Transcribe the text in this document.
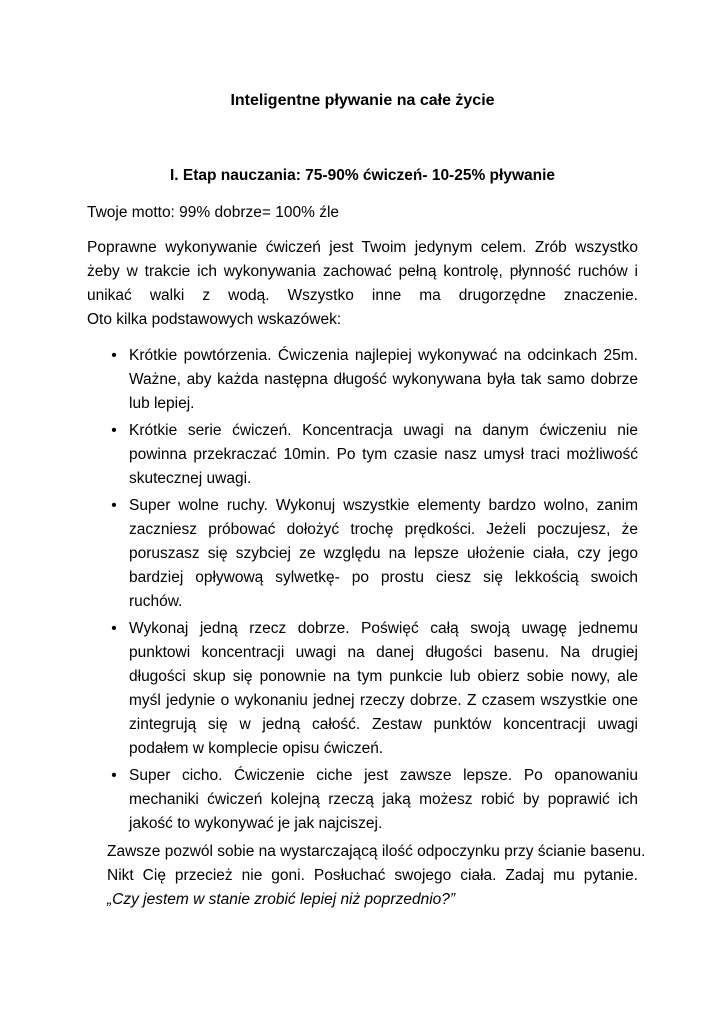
Inteligentne pływanie na całe życie
I. Etap nauczania: 75-90% ćwiczeń- 10-25% pływanie
Twoje motto: 99% dobrze= 100% źle
Poprawne wykonywanie ćwiczeń jest Twoim jedynym celem. Zrób wszystko
żeby w trakcie ich wykonywania zachować pełną kontrolę, płynność ruchów i
unikać walki z wodą. Wszystko inne ma drugorzędne znaczenie.
Oto kilka podstawowych wskazówek:
• Krótkie powtórzenia. Ćwiczenia najlepiej wykonywać na odcinkach 25m.
Ważne, aby każda następna długość wykonywana była tak samo dobrze
lub lepiej.
• Krótkie serie ćwiczeń. Koncentracja uwagi na danym ćwiczeniu nie
powinna przekraczać 10min. Po tym czasie nasz umysł traci możliwość
skutecznej uwagi.
• Super wolne ruchy. Wykonuj wszystkie elementy bardzo wolno, zanim
zaczniesz próbować dołożyć trochę prędkości. Jeżeli poczujesz, że
poruszasz się szybciej ze względu na lepsze ułożenie ciała, czy jego
bardziej opływową sylwetkę- po prostu ciesz się lekkością swoich
ruchów.
• Wykonaj jedną rzecz dobrze. Poświęć całą swoją uwagę jednemu
punktowi koncentracji uwagi na danej długości basenu. Na drugiej
długości skup się ponownie na tym punkcie lub obierz sobie nowy, ale
myśl jedynie o wykonaniu jednej rzeczy dobrze. Z czasem wszystkie one
zintegrują się w jedną całość. Zestaw punktów koncentracji uwagi
podałem w komplecie opisu ćwiczeń.
• Super cicho. Ćwiczenie ciche jest zawsze lepsze. Po opanowaniu
mechaniki ćwiczeń kolejną rzeczą jaką możesz robić by poprawić ich
jakość to wykonywać je jak najciszej.
Zawsze pozwól sobie na wystarczającą ilość odpoczynku przy ścianie basenu.
Nikt Cię przecież nie goni. Posłuchać swojego ciała. Zadaj mu pytanie.
„Czy jestem w stanie zrobić lepiej niż poprzednio?”
